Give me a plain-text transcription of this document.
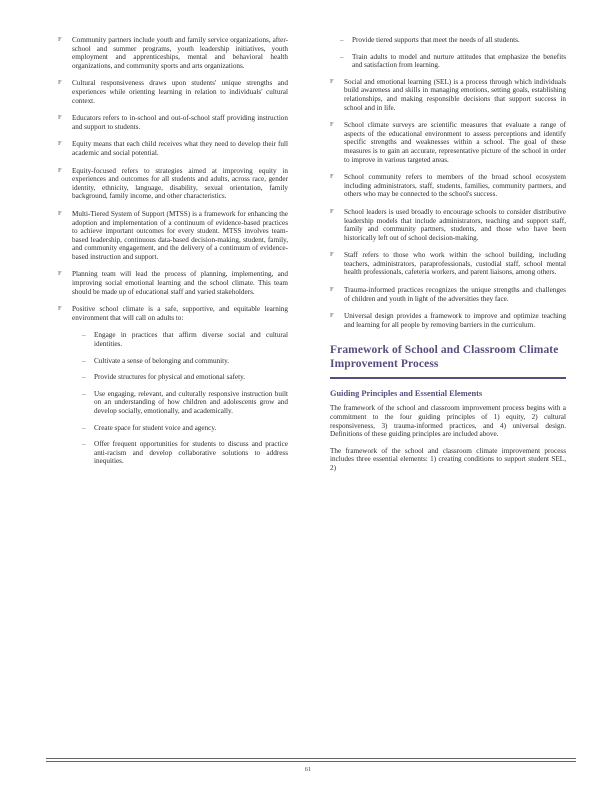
F Community partners include youth and family service organizations, after-school and summer programs, youth leadership initiatives, youth employment and apprenticeships, mental and behavioral health organizations, and community sports and arts organizations.
F Cultural responsiveness draws upon students' unique strengths and experiences while orienting learning in relation to individuals' cultural context.
F Educators refers to in-school and out-of-school staff providing instruction and support to students.
F Equity means that each child receives what they need to develop their full academic and social potential.
F Equity-focused refers to strategies aimed at improving equity in experiences and outcomes for all students and adults, across race, gender identity, ethnicity, language, disability, sexual orientation, family background, family income, and other characteristics.
F Multi-Tiered System of Support (MTSS) is a framework for enhancing the adoption and implementation of a continuum of evidence-based practices to achieve important outcomes for every student. MTSS involves team-based leadership, continuous data-based decision-making, student, family, and community engagement, and the delivery of a continuum of evidence-based instruction and support.
F Planning team will lead the process of planning, implementing, and improving social emotional learning and the school climate. This team should be made up of educational staff and varied stakeholders.
F Positive school climate is a safe, supportive, and equitable learning environment that will call on adults to:
– Engage in practices that affirm diverse social and cultural identities.
– Cultivate a sense of belonging and community.
– Provide structures for physical and emotional safety.
– Use engaging, relevant, and culturally responsive instruction built on an understanding of how children and adolescents grow and develop socially, emotionally, and academically.
– Create space for student voice and agency.
– Offer frequent opportunities for students to discuss and practice anti-racism and develop collaborative solutions to address inequities.
– Provide tiered supports that meet the needs of all students.
– Train adults to model and nurture attitudes that emphasize the benefits and satisfaction from learning.
F Social and emotional learning (SEL) is a process through which individuals build awareness and skills in managing emotions, setting goals, establishing relationships, and making responsible decisions that support success in school and in life.
F School climate surveys are scientific measures that evaluate a range of aspects of the educational environment to assess perceptions and identify specific strengths and weaknesses within a school. The goal of these measures is to gain an accurate, representative picture of the school in order to improve in various targeted areas.
F School community refers to members of the broad school ecosystem including administrators, staff, students, families, community partners, and others who may be connected to the school's success.
F School leaders is used broadly to encourage schools to consider distributive leadership models that include administrators, teaching and support staff, family and community partners, students, and those who have been historically left out of school decision-making.
F Staff refers to those who work within the school building, including teachers, administrators, paraprofessionals, custodial staff, school mental health professionals, cafeteria workers, and parent liaisons, among others.
F Trauma-informed practices recognizes the unique strengths and challenges of children and youth in light of the adversities they face.
F Universal design provides a framework to improve and optimize teaching and learning for all people by removing barriers in the curriculum.
Framework of School and Classroom Climate Improvement Process
Guiding Principles and Essential Elements
The framework of the school and classroom improvement process begins with a commitment to the four guiding principles of 1) equity, 2) cultural responsiveness, 3) trauma-informed practices, and 4) universal design. Definitions of these guiding principles are included above.
The framework of the school and classroom climate improvement process includes three essential elements: 1) creating conditions to support student SEL, 2)
61
